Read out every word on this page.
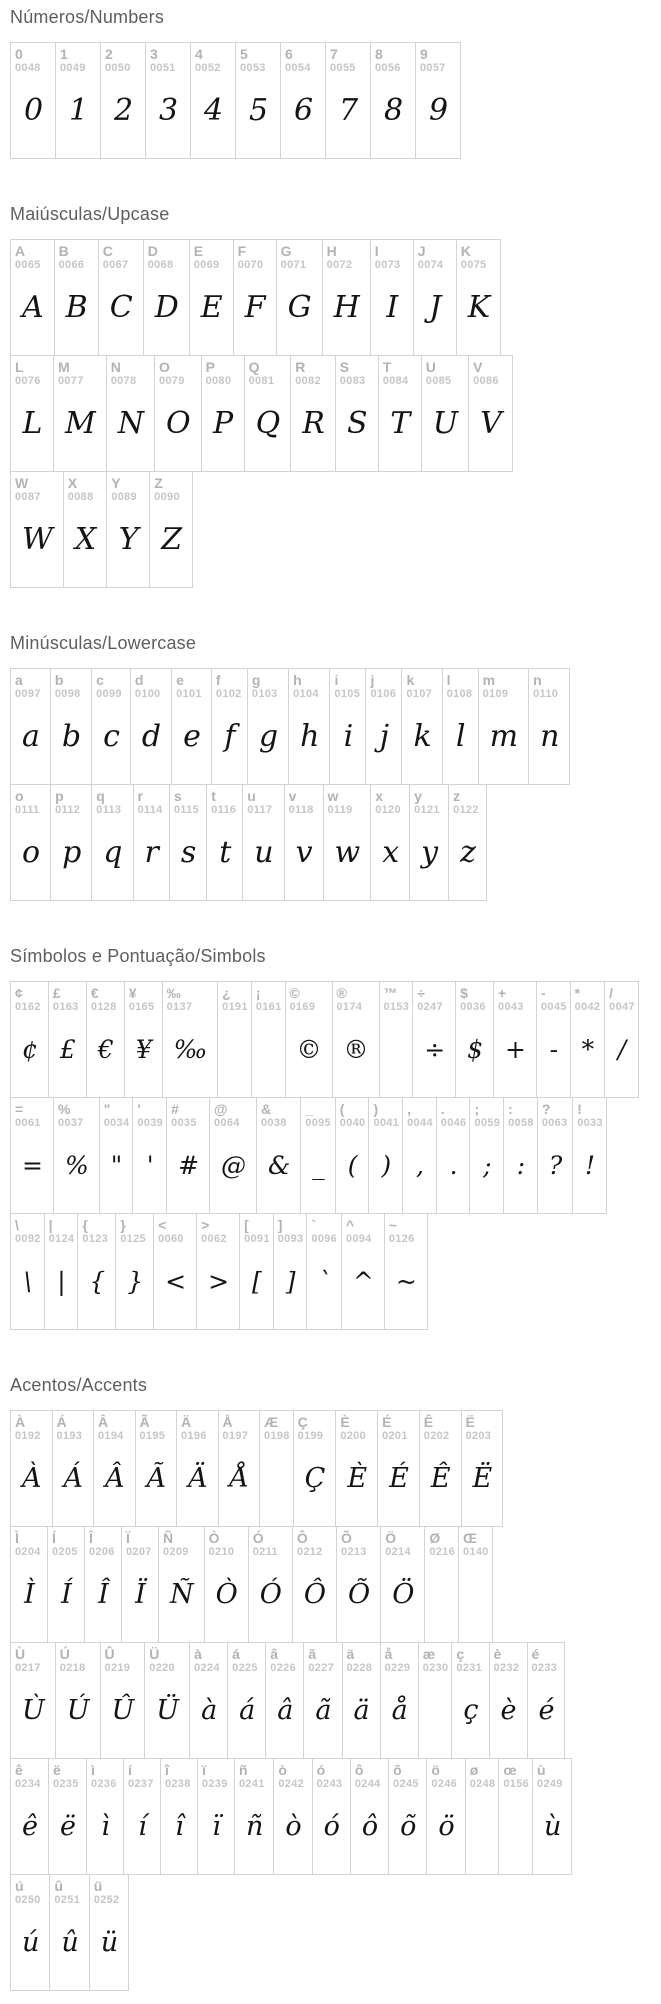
Números/Numbers
0
0048
0
1
0049
1
2
0050
2
3
0051
3
4
0052
4
5
0053
5
6
0054
6
7
0055
7
8
0056
8
9
0057
9
Maiúsculas/Upcase
A
0065
A
B
0066
B
C
0067
C
D
0068
D
E
0069
E
F
0070
F
G
0071
G
H
0072
H
I
0073
I
J
0074
J
K
0075
K
L
0076
L
M
0077
M
N
0078
N
O
0079
O
P
0080
P
Q
0081
Q
R
0082
R
S
0083
S
T
0084
T
U
0085
U
V
0086
V
W
0087
W
X
0088
X
Y
0089
Y
Z
0090
Z
Minúsculas/Lowercase
a
0097
a
b
0098
b
c
0099
c
d
0100
d
e
0101
e
f
0102
f
g
0103
g
h
0104
h
i
0105
i
j
0106
j
k
0107
k
l
0108
l
m
0109
m
n
0110
n
o
0111
o
p
0112
p
q
0113
q
r
0114
r
s
0115
s
t
0116
t
u
0117
u
v
0118
v
w
0119
w
x
0120
x
y
0121
y
z
0122
z
Símbolos e Pontuação/Simbols
¢
0162
¢
£
0163
£
€
0128
€
¥
0165
¥
‰
0137
‰
¿
0191
¡
0161
©
0169
©
®
0174
®
™
0153
÷
0247
÷
$
0036
$
+
0043
+
-
0045
-
*
0042
*
/
0047
/
=
0061
=
%
0037
%
"
0034
"
'
0039
'
#
0035
#
@
0064
@
&
0038
&
_
0095
_
(
0040
(
)
0041
)
,
0044
,
.
0046
.
;
0059
;
:
0058
:
?
0063
?
!
0033
!
\
0092
\
|
0124
|
{
0123
{
}
0125
}
<
0060
<
>
0062
>
[
0091
[
]
0093
]
`
0096
`
^
0094
^
~
0126
~
Acentos/Accents
À
0192
À
Á
0193
Á
Â
0194
Â
Ã
0195
Ã
Ä
0196
Ä
Å
0197
Å
Æ
0198
Ç
0199
Ç
È
0200
È
É
0201
É
Ê
0202
Ê
Ë
0203
Ë
Ì
0204
Ì
Í
0205
Í
Î
0206
Î
Ï
0207
Ï
Ñ
0209
Ñ
Ò
0210
Ò
Ó
0211
Ó
Ô
0212
Ô
Õ
0213
Õ
Ö
0214
Ö
Ø
0216
Œ
0140
Ù
0217
Ù
Ú
0218
Ú
Û
0219
Û
Ü
0220
Ü
à
0224
à
á
0225
á
â
0226
â
ã
0227
ã
ä
0228
ä
å
0229
å
æ
0230
ç
0231
ç
è
0232
è
é
0233
é
ê
0234
ê
ë
0235
ë
ì
0236
ì
í
0237
í
î
0238
î
ï
0239
ï
ñ
0241
ñ
ò
0242
ò
ó
0243
ó
ô
0244
ô
õ
0245
õ
ö
0246
ö
ø
0248
œ
0156
ù
0249
ù
ú
0250
ú
û
0251
û
ü
0252
ü
